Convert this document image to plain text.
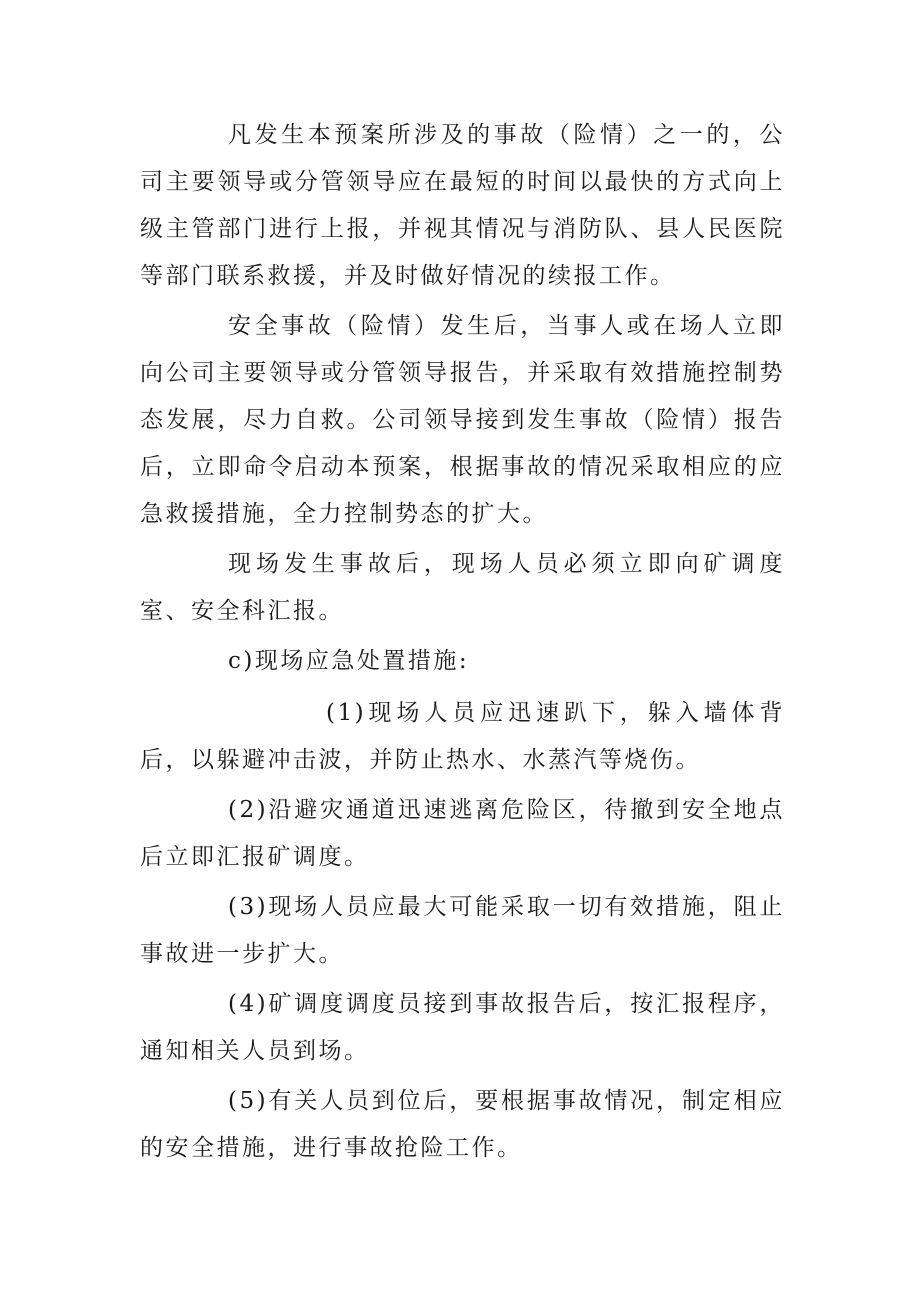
凡发生本预案所涉及的事故（险情）之一的，公司主要领导或分管领导应在最短的时间以最快的方式向上级主管部门进行上报，并视其情况与消防队、县人民医院等部门联系救援，并及时做好情况的续报工作。

安全事故（险情）发生后，当事人或在场人立即向公司主要领导或分管领导报告，并采取有效措施控制势态发展，尽力自救。公司领导接到发生事故（险情）报告后，立即命令启动本预案，根据事故的情况采取相应的应急救援措施，全力控制势态的扩大。

现场发生事故后，现场人员必须立即向矿调度室、安全科汇报。

c)现场应急处置措施:

(1)现场人员应迅速趴下，躲入墙体背后，以躲避冲击波，并防止热水、水蒸汽等烧伤。

(2)沿避灾通道迅速逃离危险区，待撤到安全地点后立即汇报矿调度。

(3)现场人员应最大可能采取一切有效措施，阻止事故进一步扩大。

(4)矿调度调度员接到事故报告后，按汇报程序，通知相关人员到场。

(5)有关人员到位后，要根据事故情况，制定相应的安全措施，进行事故抢险工作。
